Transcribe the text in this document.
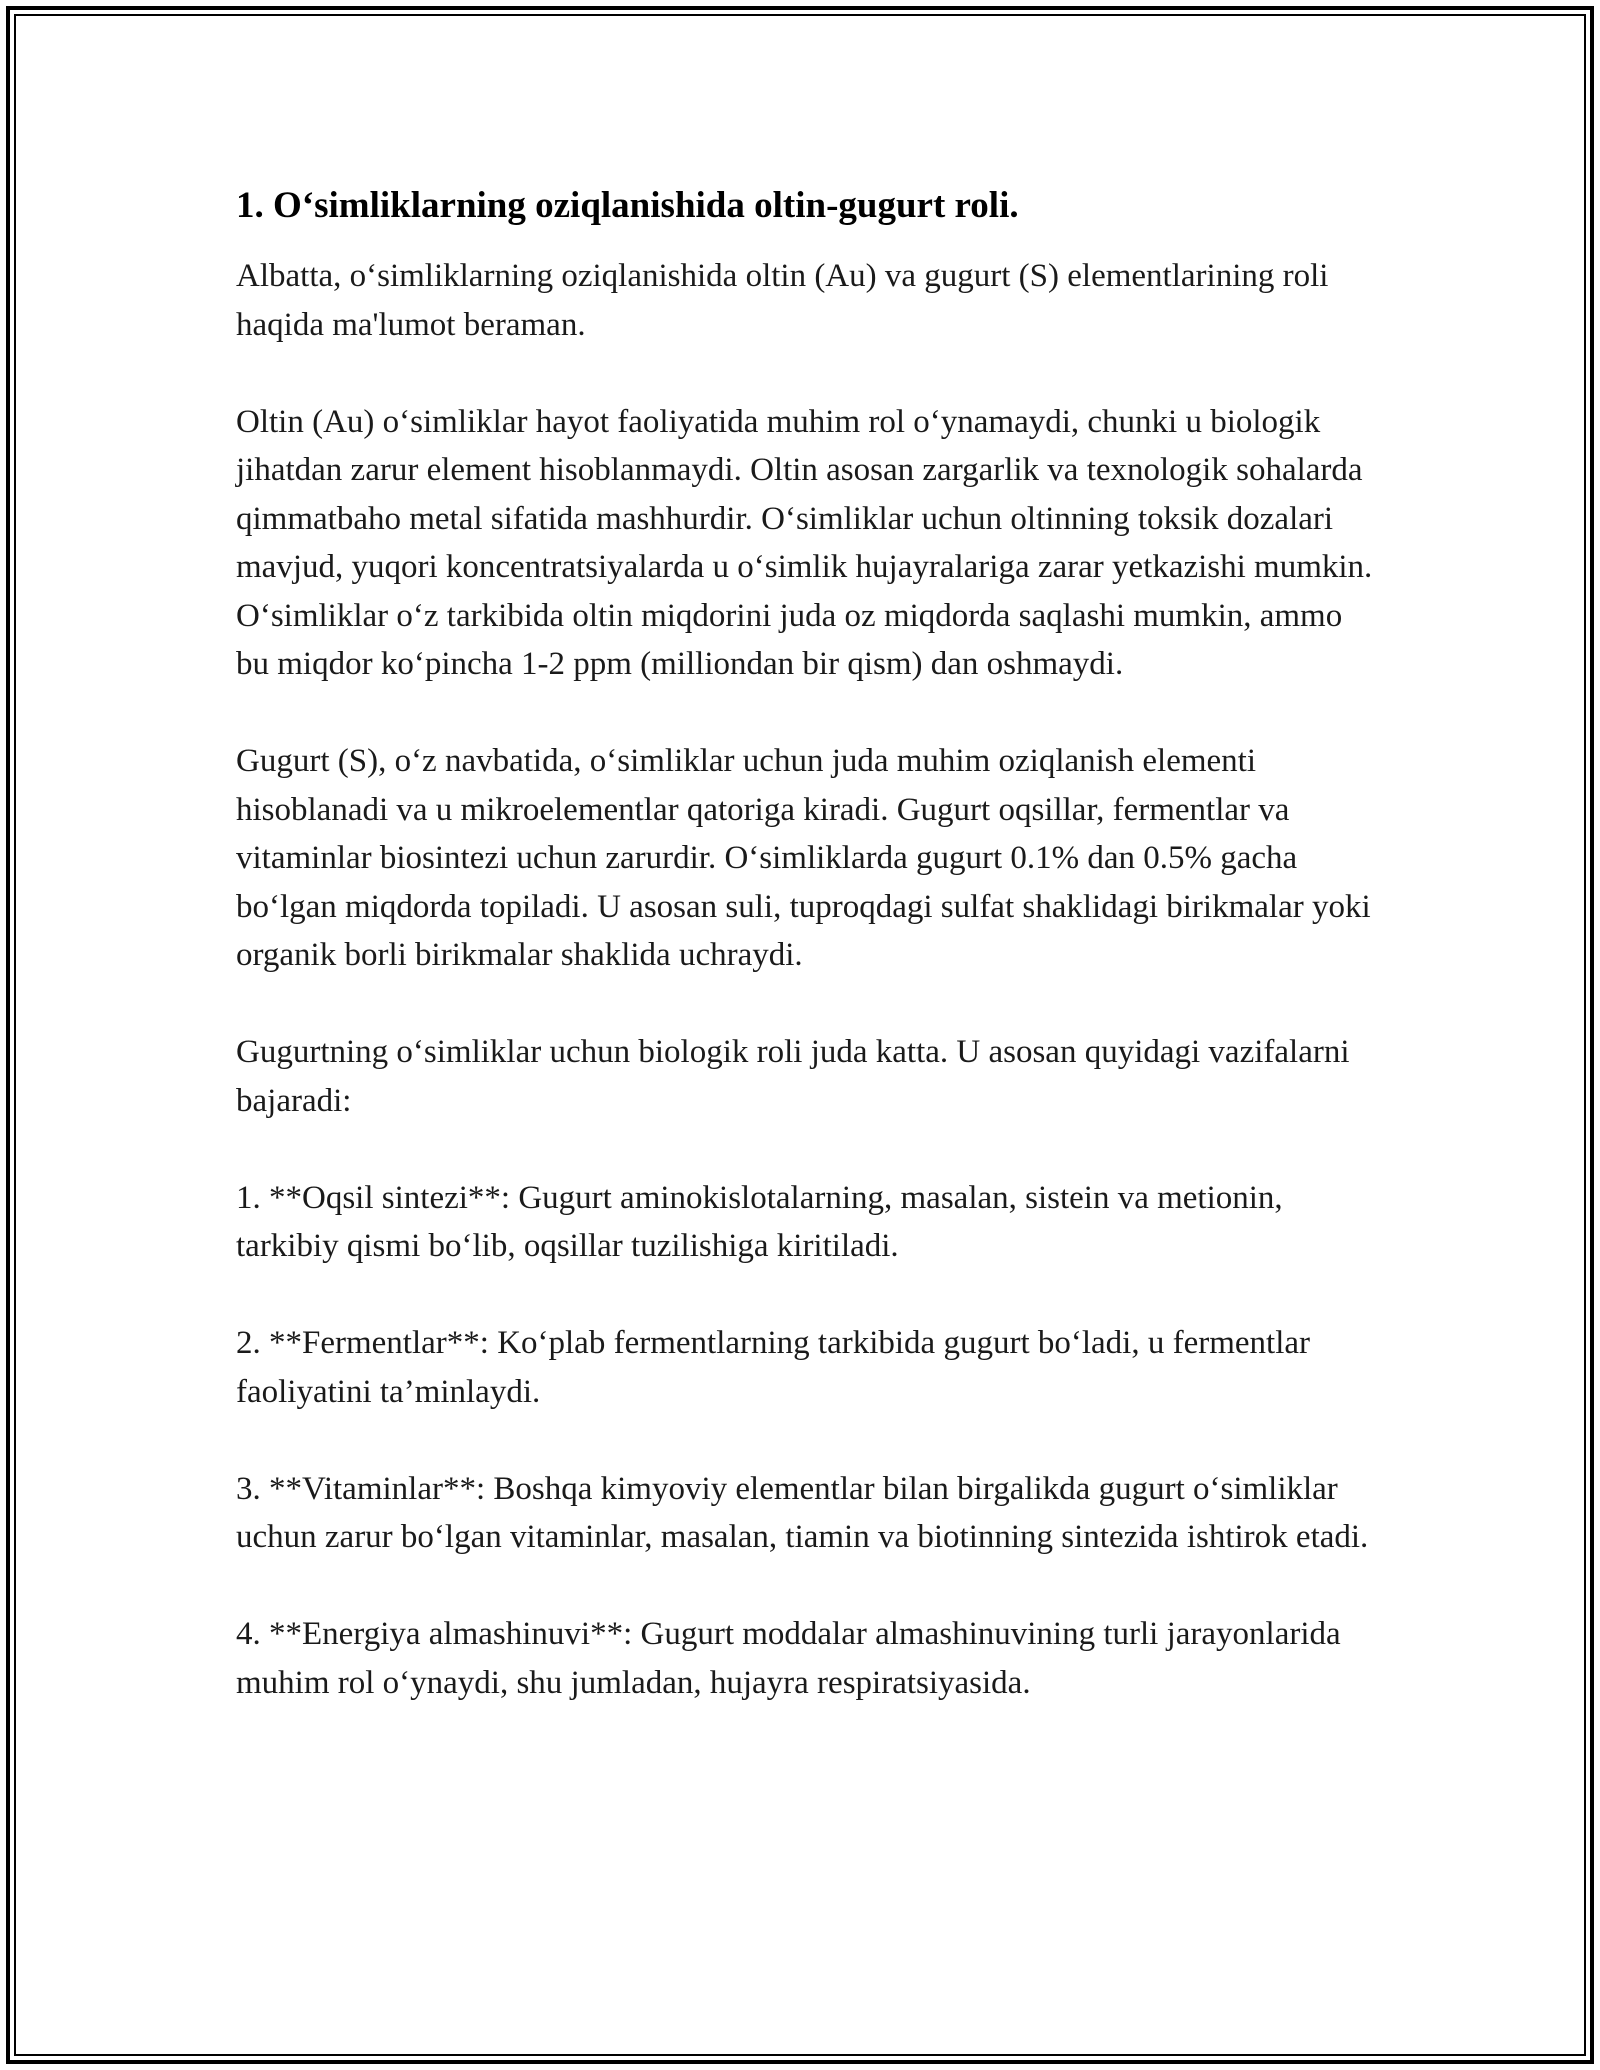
1. O‘simliklarning oziqlanishida oltin-gugurt roli.

Albatta, o‘simliklarning oziqlanishida oltin (Au) va gugurt (S) elementlarining roli haqida ma'lumot beraman.

Oltin (Au) o‘simliklar hayot faoliyatida muhim rol o‘ynamaydi, chunki u biologik jihatdan zarur element hisoblanmaydi. Oltin asosan zargarlik va texnologik sohalarda qimmatbaho metal sifatida mashhurdir. O‘simliklar uchun oltinning toksik dozalari mavjud, yuqori koncentratsiyalarda u o‘simlik hujayralariga zarar yetkazishi mumkin. O‘simliklar o‘z tarkibida oltin miqdorini juda oz miqdorda saqlashi mumkin, ammo bu miqdor ko‘pincha 1-2 ppm (milliondan bir qism) dan oshmaydi.

Gugurt (S), o‘z navbatida, o‘simliklar uchun juda muhim oziqlanish elementi hisoblanadi va u mikroelementlar qatoriga kiradi. Gugurt oqsillar, fermentlar va vitaminlar biosintezi uchun zarurdir. O‘simliklarda gugurt 0.1% dan 0.5% gacha bo‘lgan miqdorda topiladi. U asosan suli, tuproqdagi sulfat shaklidagi birikmalar yoki organik borli birikmalar shaklida uchraydi.

Gugurtning o‘simliklar uchun biologik roli juda katta. U asosan quyidagi vazifalarni bajaradi:

1. **Oqsil sintezi**: Gugurt aminokislotalarning, masalan, sistein va metionin, tarkibiy qismi bo‘lib, oqsillar tuzilishiga kiritiladi.

2. **Fermentlar**: Ko‘plab fermentlarning tarkibida gugurt bo‘ladi, u fermentlar faoliyatini ta’minlaydi.

3. **Vitaminlar**: Boshqa kimyoviy elementlar bilan birgalikda gugurt o‘simliklar uchun zarur bo‘lgan vitaminlar, masalan, tiamin va biotinning sintezida ishtirok etadi.

4. **Energiya almashinuvi**: Gugurt moddalar almashinuvining turli jarayonlarida muhim rol o‘ynaydi, shu jumladan, hujayra respiratsiyasida.
